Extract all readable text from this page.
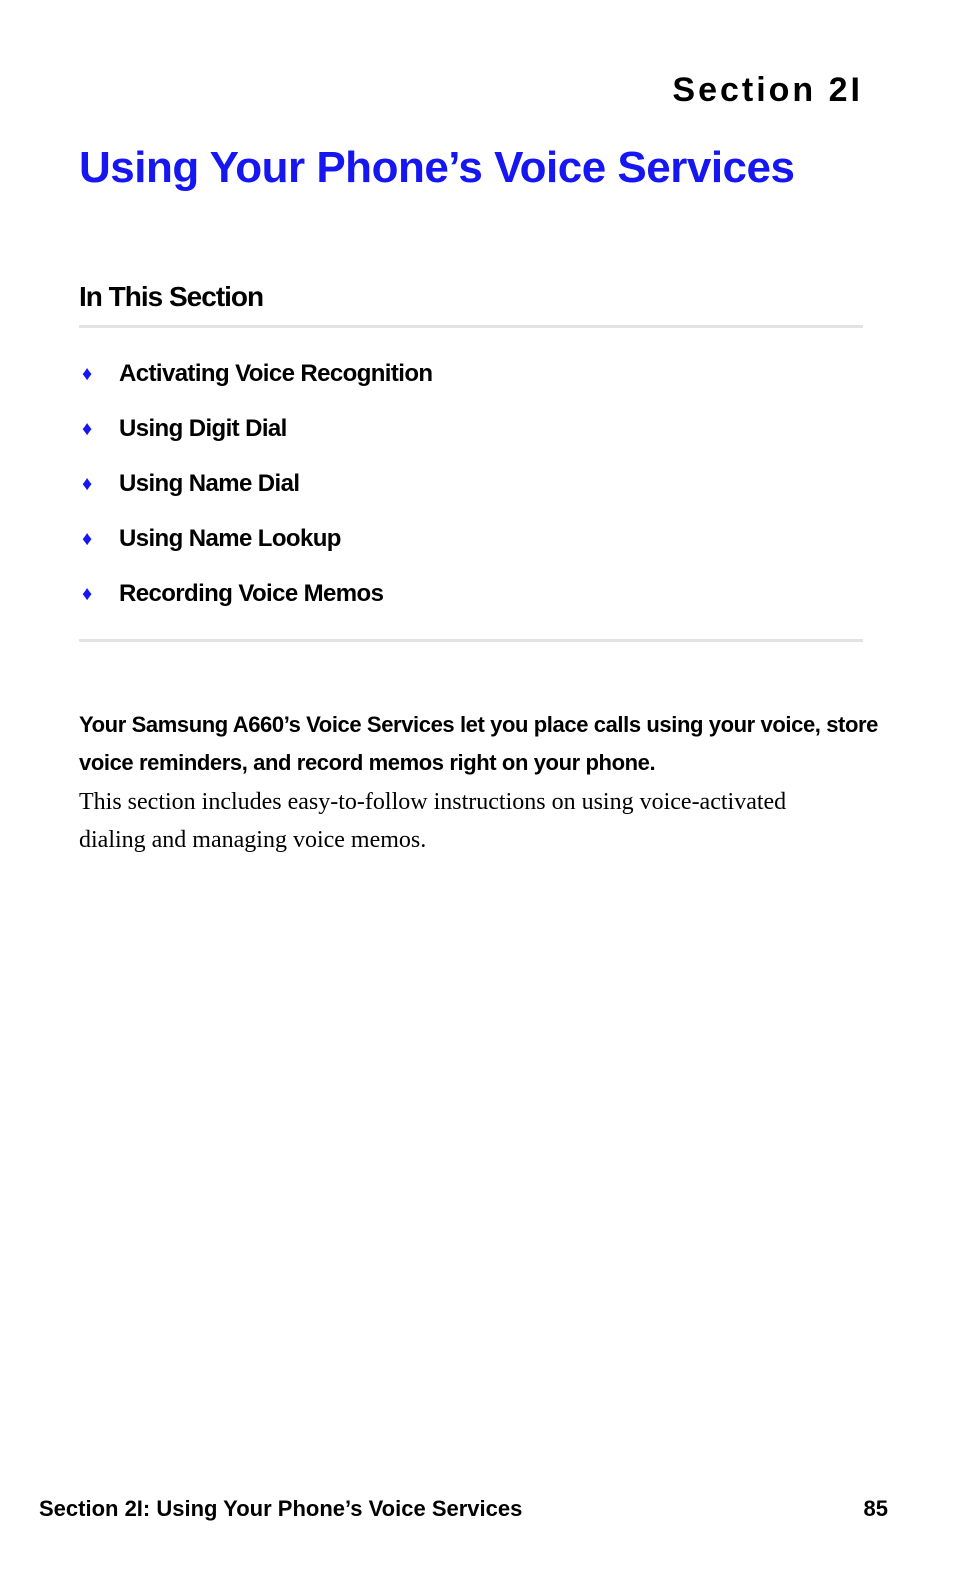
Section 2I
Using Your Phone’s Voice Services
In This Section
♦	Activating Voice Recognition
♦	Using Digit Dial
♦	Using Name Dial
♦	Using Name Lookup
♦	Recording Voice Memos

Your Samsung A660’s Voice Services let you place calls using your voice, store voice reminders, and record memos right on your phone.

This section includes easy-to-follow instructions on using voice-activated dialing and managing voice memos.

Section 2I: Using Your Phone’s Voice Services	85
